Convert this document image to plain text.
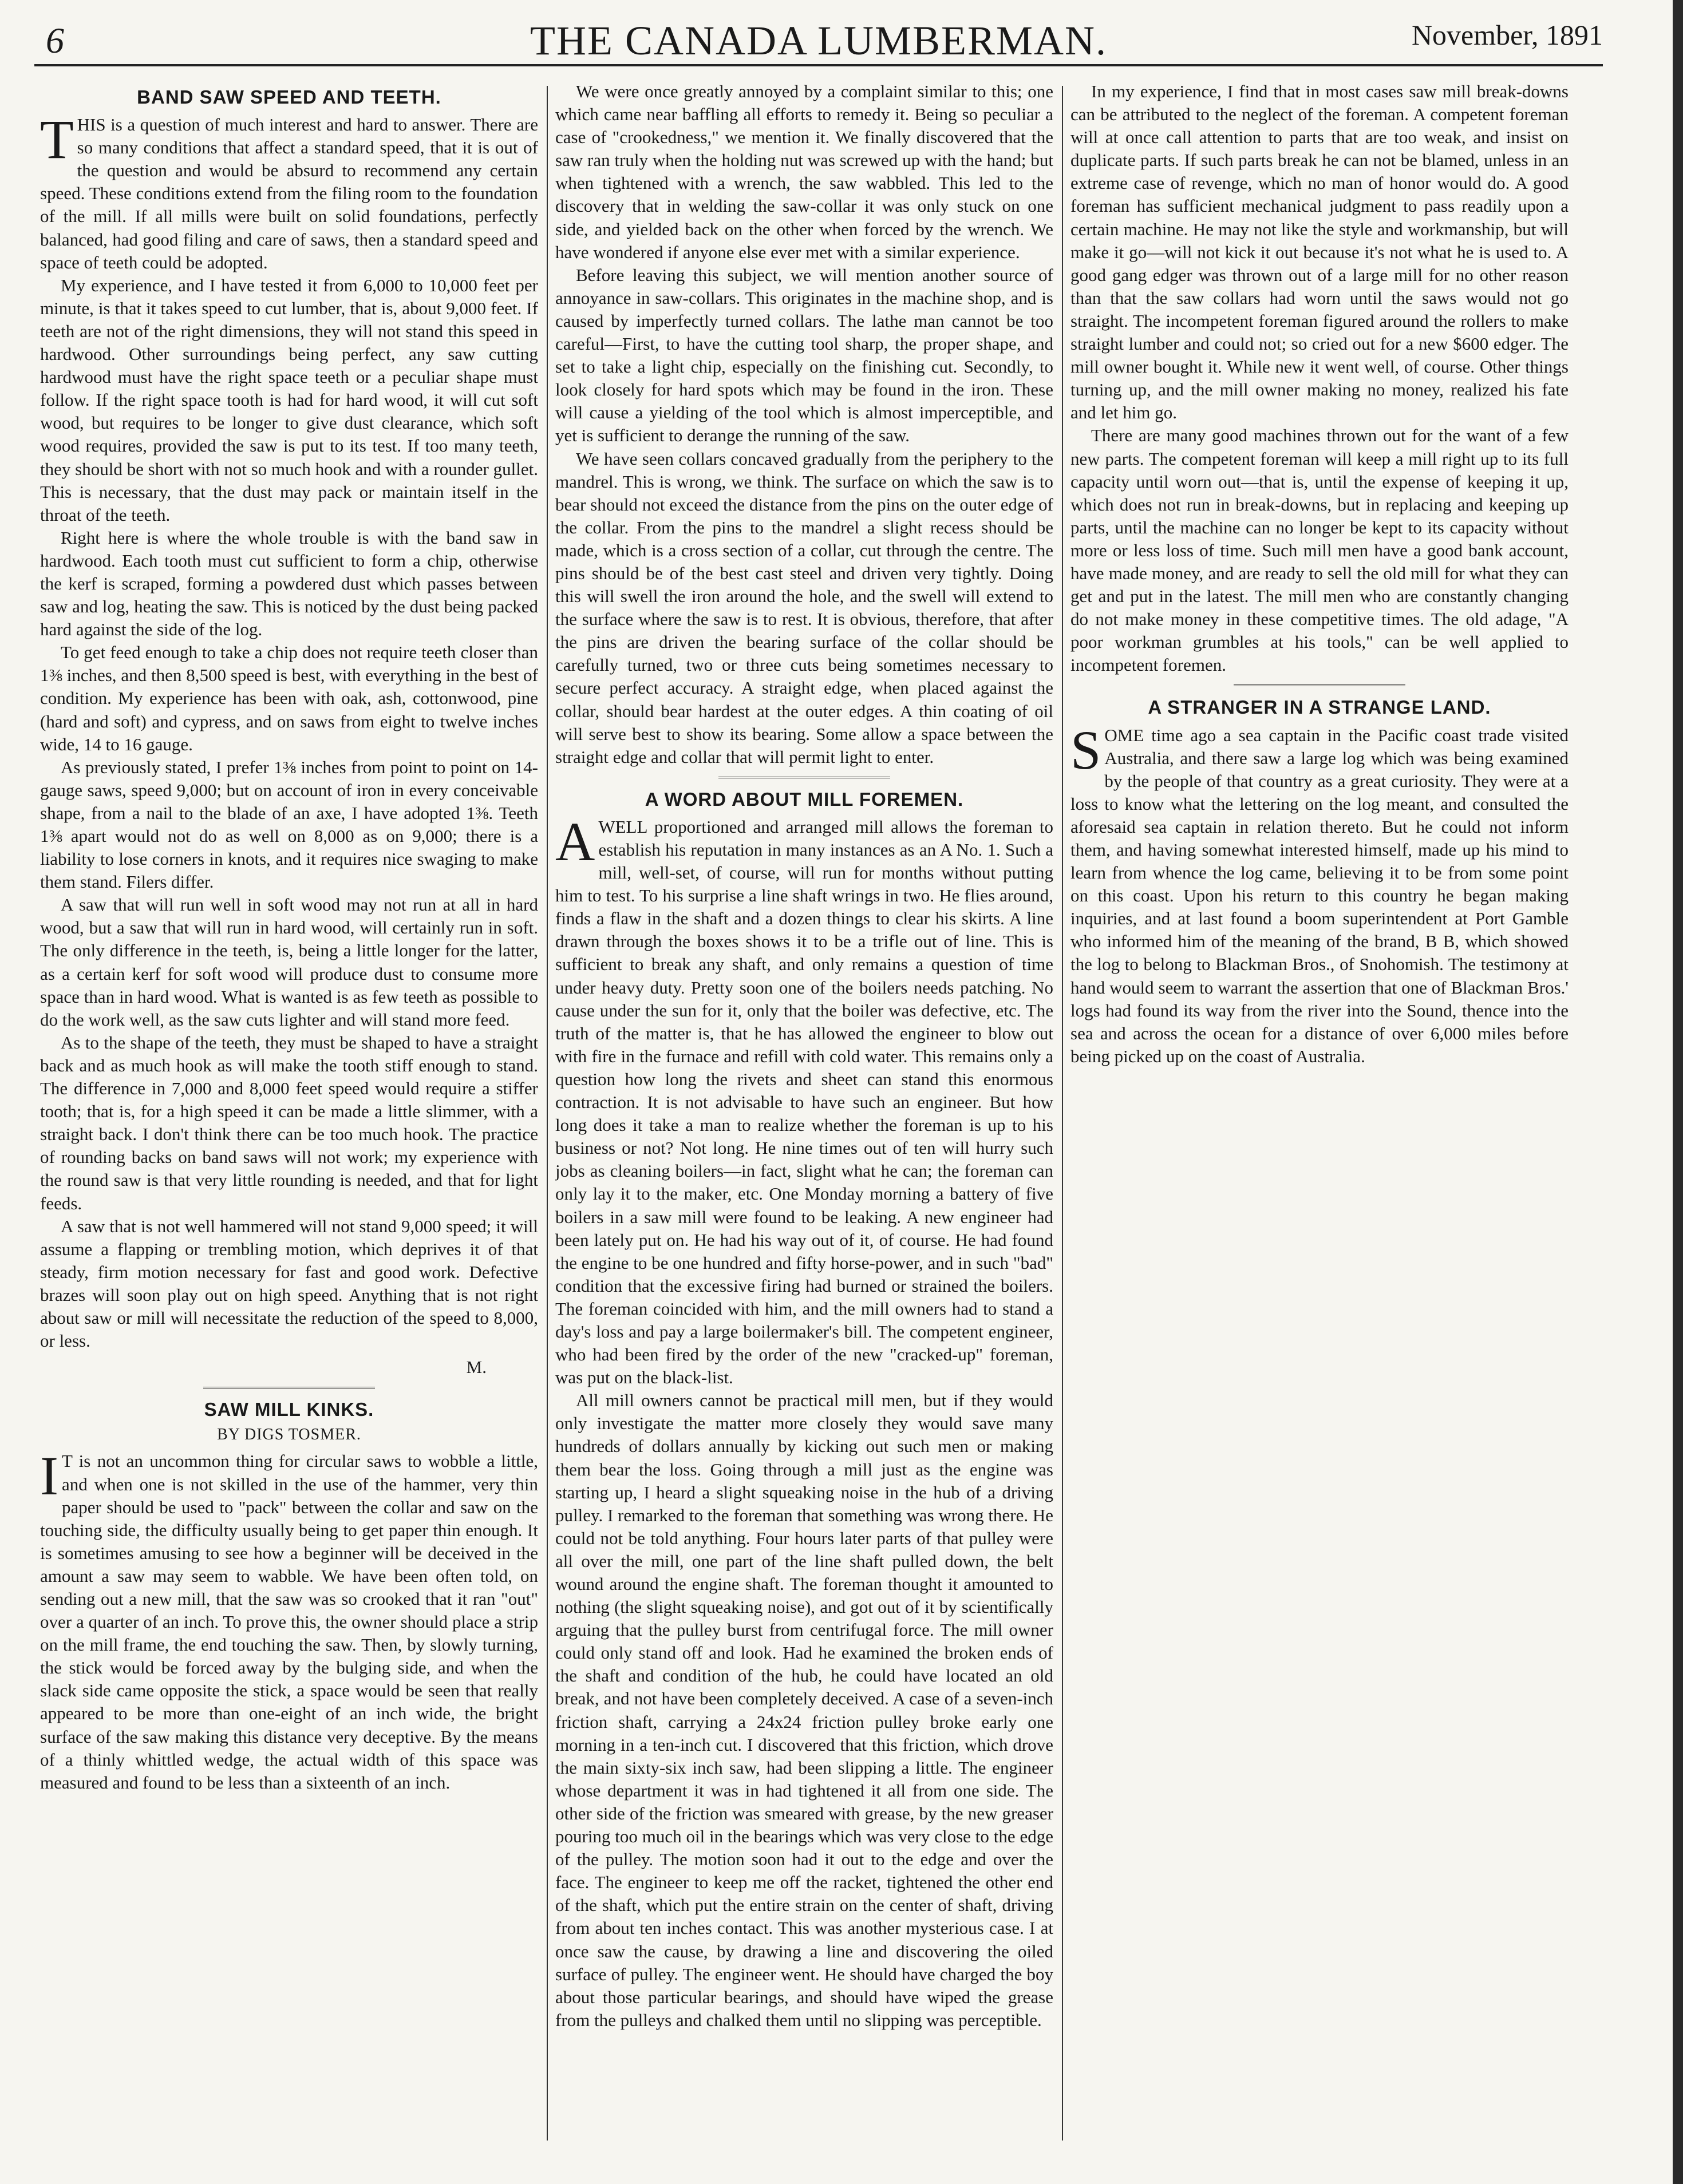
6	THE CANADA LUMBERMAN.	November, 1891
BAND SAW SPEED AND TEETH.

THIS is a question of much interest and hard to answer. There are so many conditions that affect a standard speed, that it is out of the question and would be absurd to recommend any certain speed. These conditions extend from the filing room to the foundation of the mill. If all mills were built on solid foundations, perfectly balanced, had good filing and care of saws, then a standard speed and space of teeth could be adopted.

My experience, and I have tested it from 6,000 to 10,000 feet per minute, is that it takes speed to cut lumber, that is, about 9,000 feet. If teeth are not of the right dimensions, they will not stand this speed in hardwood. Other surroundings being perfect, any saw cutting hardwood must have the right space teeth or a peculiar shape must follow. If the right space tooth is had for hard wood, it will cut soft wood, but requires to be longer to give dust clearance, which soft wood requires, provided the saw is put to its test. If too many teeth, they should be short with not so much hook and with a rounder gullet. This is necessary, that the dust may pack or maintain itself in the throat of the teeth.

Right here is where the whole trouble is with the band saw in hardwood. Each tooth must cut sufficient to form a chip, otherwise the kerf is scraped, forming a powdered dust which passes between saw and log, heating the saw. This is noticed by the dust being packed hard against the side of the log.

To get feed enough to take a chip does not require teeth closer than 1⅜ inches, and then 8,500 speed is best, with everything in the best of condition. My experience has been with oak, ash, cottonwood, pine (hard and soft) and cypress, and on saws from eight to twelve inches wide, 14 to 16 gauge.

As previously stated, I prefer 1⅜ inches from point to point on 14-gauge saws, speed 9,000; but on account of iron in every conceivable shape, from a nail to the blade of an axe, I have adopted 1⅜. Teeth 1⅜ apart would not do as well on 8,000 as on 9,000; there is a liability to lose corners in knots, and it requires nice swaging to make them stand. Filers differ.

A saw that will run well in soft wood may not run at all in hard wood, but a saw that will run in hard wood, will certainly run in soft. The only difference in the teeth, is, being a little longer for the latter, as a certain kerf for soft wood will produce dust to consume more space than in hard wood. What is wanted is as few teeth as possible to do the work well, as the saw cuts lighter and will stand more feed.

As to the shape of the teeth, they must be shaped to have a straight back and as much hook as will make the tooth stiff enough to stand. The difference in 7,000 and 8,000 feet speed would require a stiffer tooth; that is, for a high speed it can be made a little slimmer, with a straight back. I don't think there can be too much hook. The practice of rounding backs on band saws will not work; my experience with the round saw is that very little rounding is needed, and that for light feeds.

A saw that is not well hammered will not stand 9,000 speed; it will assume a flapping or trembling motion, which deprives it of that steady, firm motion necessary for fast and good work. Defective brazes will soon play out on high speed. Anything that is not right about saw or mill will necessitate the reduction of the speed to 8,000, or less.

M.
SAW MILL KINKS.
BY DIGS TOSMER.

I T is not an uncommon thing for circular saws to wobble a little, and when one is not skilled in the use of the hammer, very thin paper should be used to "pack" between the collar and saw on the touching side, the difficulty usually being to get paper thin enough. It is sometimes amusing to see how a beginner will be deceived in the amount a saw may seem to wabble. We have been often told, on sending out a new mill, that the saw was so crooked that it ran "out" over a quarter of an inch. To prove this, the owner should place a strip on the mill frame, the end touching the saw. Then, by slowly turning, the stick would be forced away by the bulging side, and when the slack side came opposite the stick, a space would be seen that really appeared to be more than one-eight of an inch wide, the bright surface of the saw making this distance very deceptive. By the means of a thinly whittled wedge, the actual width of this space was measured and found to be less than a sixteenth of an inch.

We were once greatly annoyed by a complaint similar to this; one which came near baffling all efforts to remedy it. Being so peculiar a case of "crookedness," we mention it. We finally discovered that the saw ran truly when the holding nut was screwed up with the hand; but when tightened with a wrench, the saw wabbled. This led to the discovery that in welding the saw-collar it was only stuck on one side, and yielded back on the other when forced by the wrench. We have wondered if anyone else ever met with a similar experience.

Before leaving this subject, we will mention another source of annoyance in saw-collars. This originates in the machine shop, and is caused by imperfectly turned collars. The lathe man cannot be too careful—First, to have the cutting tool sharp, the proper shape, and set to take a light chip, especially on the finishing cut. Secondly, to look closely for hard spots which may be found in the iron. These will cause a yielding of the tool which is almost imperceptible, and yet is sufficient to derange the running of the saw.

We have seen collars concaved gradually from the periphery to the mandrel. This is wrong, we think. The surface on which the saw is to bear should not exceed the distance from the pins on the outer edge of the collar. From the pins to the mandrel a slight recess should be made, which is a cross section of a collar, cut through the centre. The pins should be of the best cast steel and driven very tightly. Doing this will swell the iron around the hole, and the swell will extend to the surface where the saw is to rest. It is obvious, therefore, that after the pins are driven the bearing surface of the collar should be carefully turned, two or three cuts being sometimes necessary to secure perfect accuracy. A straight edge, when placed against the collar, should bear hardest at the outer edges. A thin coating of oil will serve best to show its bearing. Some allow a space between the straight edge and collar that will permit light to enter.

A WORD ABOUT MILL FOREMEN.

AWELL proportioned and arranged mill allows the foreman to establish his reputation in many instances as an A No. 1. Such a mill, well-set, of course, will run for months without putting him to test. To his surprise a line shaft wrings in two. He flies around, finds a flaw in the shaft and a dozen things to clear his skirts. A line drawn through the boxes shows it to be a trifle out of line. This is sufficient to break any shaft, and only remains a question of time under heavy duty. Pretty soon one of the boilers needs patching. No cause under the sun for it, only that the boiler was defective, etc. The truth of the matter is, that he has allowed the engineer to blow out with fire in the furnace and refill with cold water. This remains only a question how long the rivets and sheet can stand this enormous contraction. It is not advisable to have such an engineer. But how long does it take a man to realize whether the foreman is up to his business or not? Not long. He nine times out of ten will hurry such jobs as cleaning boilers—in fact, slight what he can; the foreman can only lay it to the maker, etc. One Monday morning a battery of five boilers in a saw mill were found to be leaking. A new engineer had been lately put on. He had his way out of it, of course. He had found the engine to be one hundred and fifty horse-power, and in such "bad" condition that the excessive firing had burned or strained the boilers. The foreman coincided with him, and the mill owners had to stand a day's loss and pay a large boilermaker's bill. The competent engineer, who had been fired by the order of the new "cracked-up" foreman, was put on the black-list.

All mill owners cannot be practical mill men, but if they would only investigate the matter more closely they would save many hundreds of dollars annually by kicking out such men or making them bear the loss. Going through a mill just as the engine was starting up, I heard a slight squeaking noise in the hub of a driving pulley. I remarked to the foreman that something was wrong there. He could not be told anything. Four hours later parts of that pulley were all over the mill, one part of the line shaft pulled down, the belt wound around the engine shaft. The foreman thought it amounted to nothing (the slight squeaking noise), and got out of it by scientifically arguing that the pulley burst from centrifugal force. The mill owner could only stand off and look. Had he examined the broken ends of the shaft and condition of the hub, he could have located an old break, and not have been completely deceived. A case of a seven-inch friction shaft, carrying a 24x24 friction pulley broke early one morning in a ten-inch cut. I discovered that this friction, which drove the main sixty-six inch saw, had been slipping a little. The engineer whose department it was in had tightened it all from one side. The other side of the friction was smeared with grease, by the new greaser pouring too much oil in the bearings which was very close to the edge of the pulley. The motion soon had it out to the edge and over the face. The engineer to keep me off the racket, tightened the other end of the shaft, which put the entire strain on the center of shaft, driving from about ten inches contact. This was another mysterious case. I at once saw the cause, by drawing a line and discovering the oiled surface of pulley. The engineer went. He should have charged the boy about those particular bearings, and should have wiped the grease from the pulleys and chalked them until no slipping was perceptible.

In my experience, I find that in most cases saw mill break-downs can be attributed to the neglect of the foreman. A competent foreman will at once call attention to parts that are too weak, and insist on duplicate parts. If such parts break he can not be blamed, unless in an extreme case of revenge, which no man of honor would do. A good foreman has sufficient mechanical judgment to pass readily upon a certain machine. He may not like the style and workmanship, but will make it go—will not kick it out because it's not what he is used to. A good gang edger was thrown out of a large mill for no other reason than that the saw collars had worn until the saws would not go straight. The incompetent foreman figured around the rollers to make straight lumber and could not; so cried out for a new $600 edger. The mill owner bought it. While new it went well, of course. Other things turning up, and the mill owner making no money, realized his fate and let him go.

There are many good machines thrown out for the want of a few new parts. The competent foreman will keep a mill right up to its full capacity until worn out—that is, until the expense of keeping it up, which does not run in break-downs, but in replacing and keeping up parts, until the machine can no longer be kept to its capacity without more or less loss of time. Such mill men have a good bank account, have made money, and are ready to sell the old mill for what they can get and put in the latest. The mill men who are constantly changing do not make money in these competitive times. The old adage, "A poor workman grumbles at his tools," can be well applied to incompetent foremen.

A STRANGER IN A STRANGE LAND.

SOME time ago a sea captain in the Pacific coast trade visited Australia, and there saw a large log which was being examined by the people of that country as a great curiosity. They were at a loss to know what the lettering on the log meant, and consulted the aforesaid sea captain in relation thereto. But he could not inform them, and having somewhat interested himself, made up his mind to learn from whence the log came, believing it to be from some point on this coast. Upon his return to this country he began making inquiries, and at last found a boom superintendent at Port Gamble who informed him of the meaning of the brand, B B, which showed the log to belong to Blackman Bros., of Snohomish. The testimony at hand would seem to warrant the assertion that one of Blackman Bros.' logs had found its way from the river into the Sound, thence into the sea and across the ocean for a distance of over 6,000 miles before being picked up on the coast of Australia.
